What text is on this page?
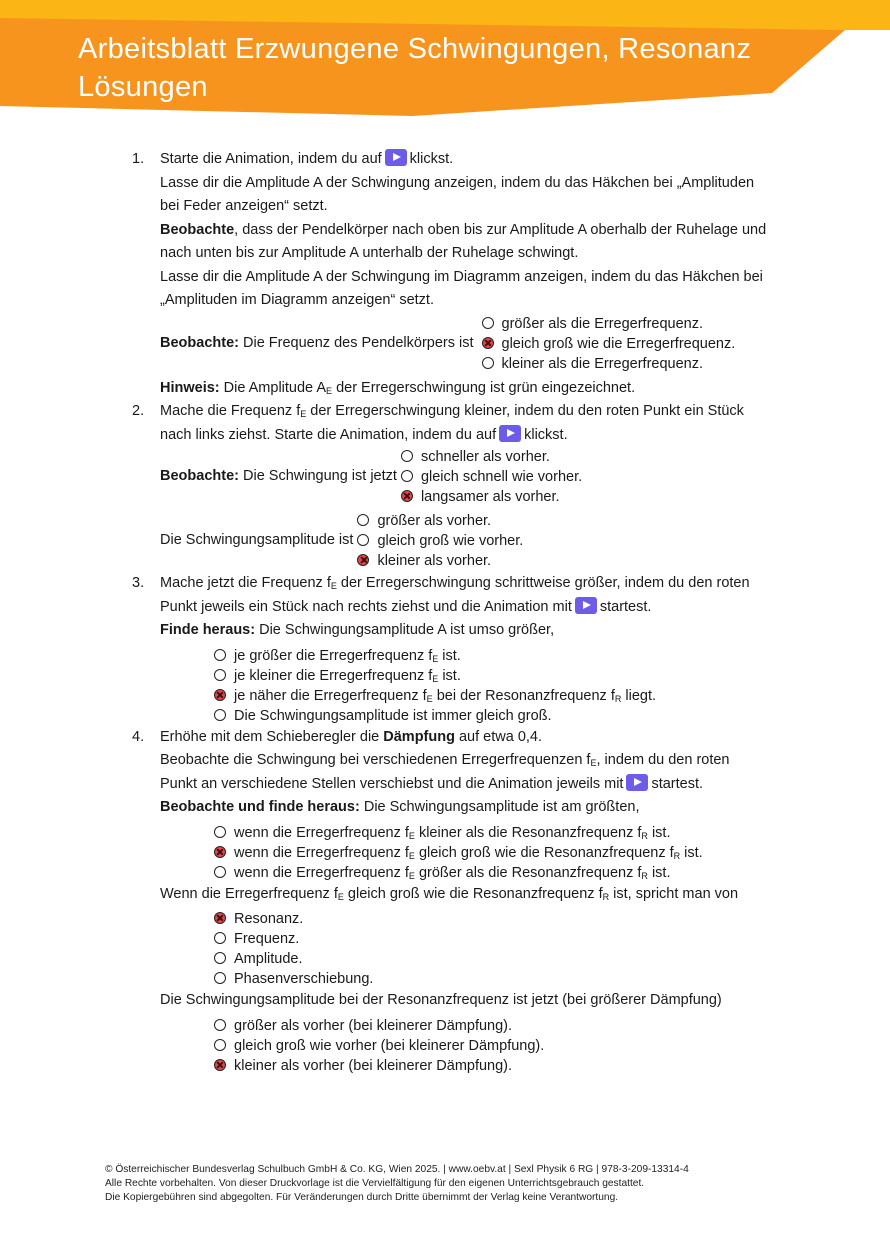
Arbeitsblatt Erzwungene Schwingungen, Resonanz
Lösungen
1. Starte die Animation, indem du auf klickst.
Lasse dir die Amplitude A der Schwingung anzeigen, indem du das Häkchen bei „Amplituden
bei Feder anzeigen“ setzt.
Beobachte, dass der Pendelkörper nach oben bis zur Amplitude A oberhalb der Ruhelage und
nach unten bis zur Amplitude A unterhalb der Ruhelage schwingt.
Lasse dir die Amplitude A der Schwingung im Diagramm anzeigen, indem du das Häkchen bei
„Amplituden im Diagramm anzeigen“ setzt.
Beobachte: Die Frequenz des Pendelkörpers ist
größer als die Erregerfrequenz.
gleich groß wie die Erregerfrequenz.
kleiner als die Erregerfrequenz.
Hinweis: Die Amplitude $A_E$ der Erregerschwingung ist grün eingezeichnet.
2. Mache die Frequenz $f_E$ der Erregerschwingung kleiner, indem du den roten Punkt ein Stück
nach links ziehst. Starte die Animation, indem du auf klickst.
Beobachte: Die Schwingung ist jetzt
schneller als vorher.
gleich schnell wie vorher.
langsamer als vorher.
Die Schwingungsamplitude ist
größer als vorher.
gleich groß wie vorher.
kleiner als vorher.
3. Mache jetzt die Frequenz $f_E$ der Erregerschwingung schrittweise größer, indem du den roten
Punkt jeweils ein Stück nach rechts ziehst und die Animation mit startest.
Finde heraus: Die Schwingungsamplitude A ist umso größer,
je größer die Erregerfrequenz $f_E$ ist.
je kleiner die Erregerfrequenz $f_E$ ist.
je näher die Erregerfrequenz $f_E$ bei der Resonanzfrequenz $f_R$ liegt.
Die Schwingungsamplitude ist immer gleich groß.
4. Erhöhe mit dem Schieberegler die Dämpfung auf etwa 0,4.
Beobachte die Schwingung bei verschiedenen Erregerfrequenzen $f_E$, indem du den roten
Punkt an verschiedene Stellen verschiebst und die Animation jeweils mit startest.
Beobachte und finde heraus: Die Schwingungsamplitude ist am größten,
wenn die Erregerfrequenz $f_E$ kleiner als die Resonanzfrequenz $f_R$ ist.
wenn die Erregerfrequenz $f_E$ gleich groß wie die Resonanzfrequenz $f_R$ ist.
wenn die Erregerfrequenz $f_E$ größer als die Resonanzfrequenz $f_R$ ist.
Wenn die Erregerfrequenz $f_E$ gleich groß wie die Resonanzfrequenz $f_R$ ist, spricht man von
Resonanz.
Frequenz.
Amplitude.
Phasenverschiebung.
Die Schwingungsamplitude bei der Resonanzfrequenz ist jetzt (bei größerer Dämpfung)
größer als vorher (bei kleinerer Dämpfung).
gleich groß wie vorher (bei kleinerer Dämpfung).
kleiner als vorher (bei kleinerer Dämpfung).
© Österreichischer Bundesverlag Schulbuch GmbH & Co. KG, Wien 2025. | www.oebv.at | Sexl Physik 6 RG | 978-3-209-13314-4
Alle Rechte vorbehalten. Von dieser Druckvorlage ist die Vervielfältigung für den eigenen Unterrichtsgebrauch gestattet.
Die Kopiergebühren sind abgegolten. Für Veränderungen durch Dritte übernimmt der Verlag keine Verantwortung.
